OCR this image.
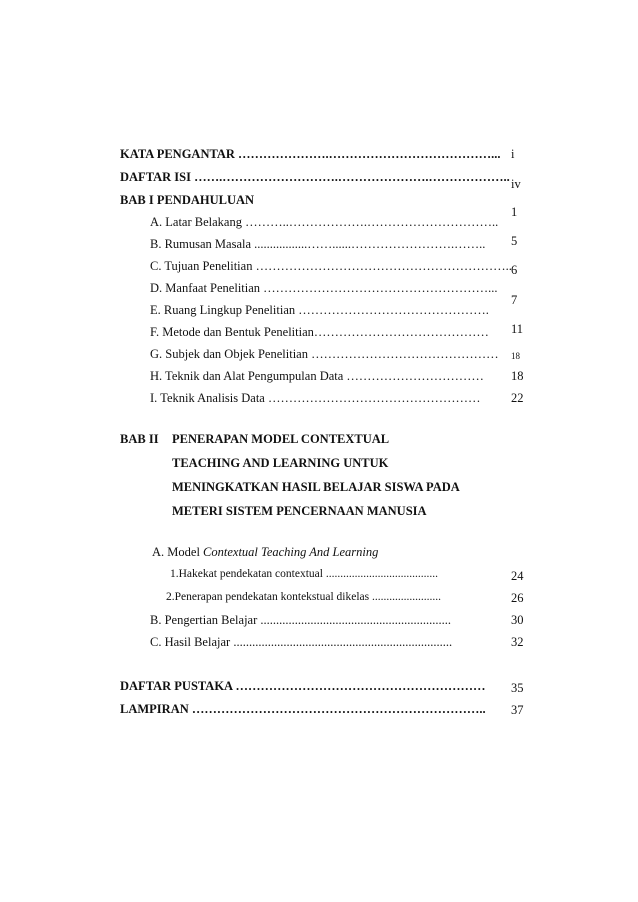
KATA PENGANTAR ………………….…………………………………...
DAFTAR ISI …….……………………….………………….………………..
BAB I PENDAHULUAN
A. Latar Belakang ………..……………….…………………………..
B. Rumusan Masala .................……......…………………….……..
C. Tujuan Penelitian ……………………………………………………..
D. Manfaat Penelitian ………………………………………………...
E. Ruang Lingkup Penelitian ……………………………………….
F. Metode dan Bentuk Penelitian……………………………………
G. Subjek dan Objek Penelitian ………………………………………
H. Teknik dan Alat Pengumpulan Data ……………………………
I. Teknik Analisis Data ……………………………………………
BAB II PENERAPAN MODEL CONTEXTUAL
TEACHING AND LEARNING UNTUK
MENINGKATKAN HASIL BELAJAR SISWA PADA
METERI SISTEM PENCERNAAN MANUSIA
A. Model Contextual Teaching And Learning
1.Hakekat pendekatan contextual .......................................
2.Penerapan pendekatan kontekstual dikelas ........................
B. Pengertian Belajar .............................................................
C. Hasil Belajar ......................................................................
DAFTAR PUSTAKA ……………………………………………………
LAMPIRAN ……………………………………………………………..
i
iv
1
5
6
7
11
18
18
22
24
26
30
32
35
37
